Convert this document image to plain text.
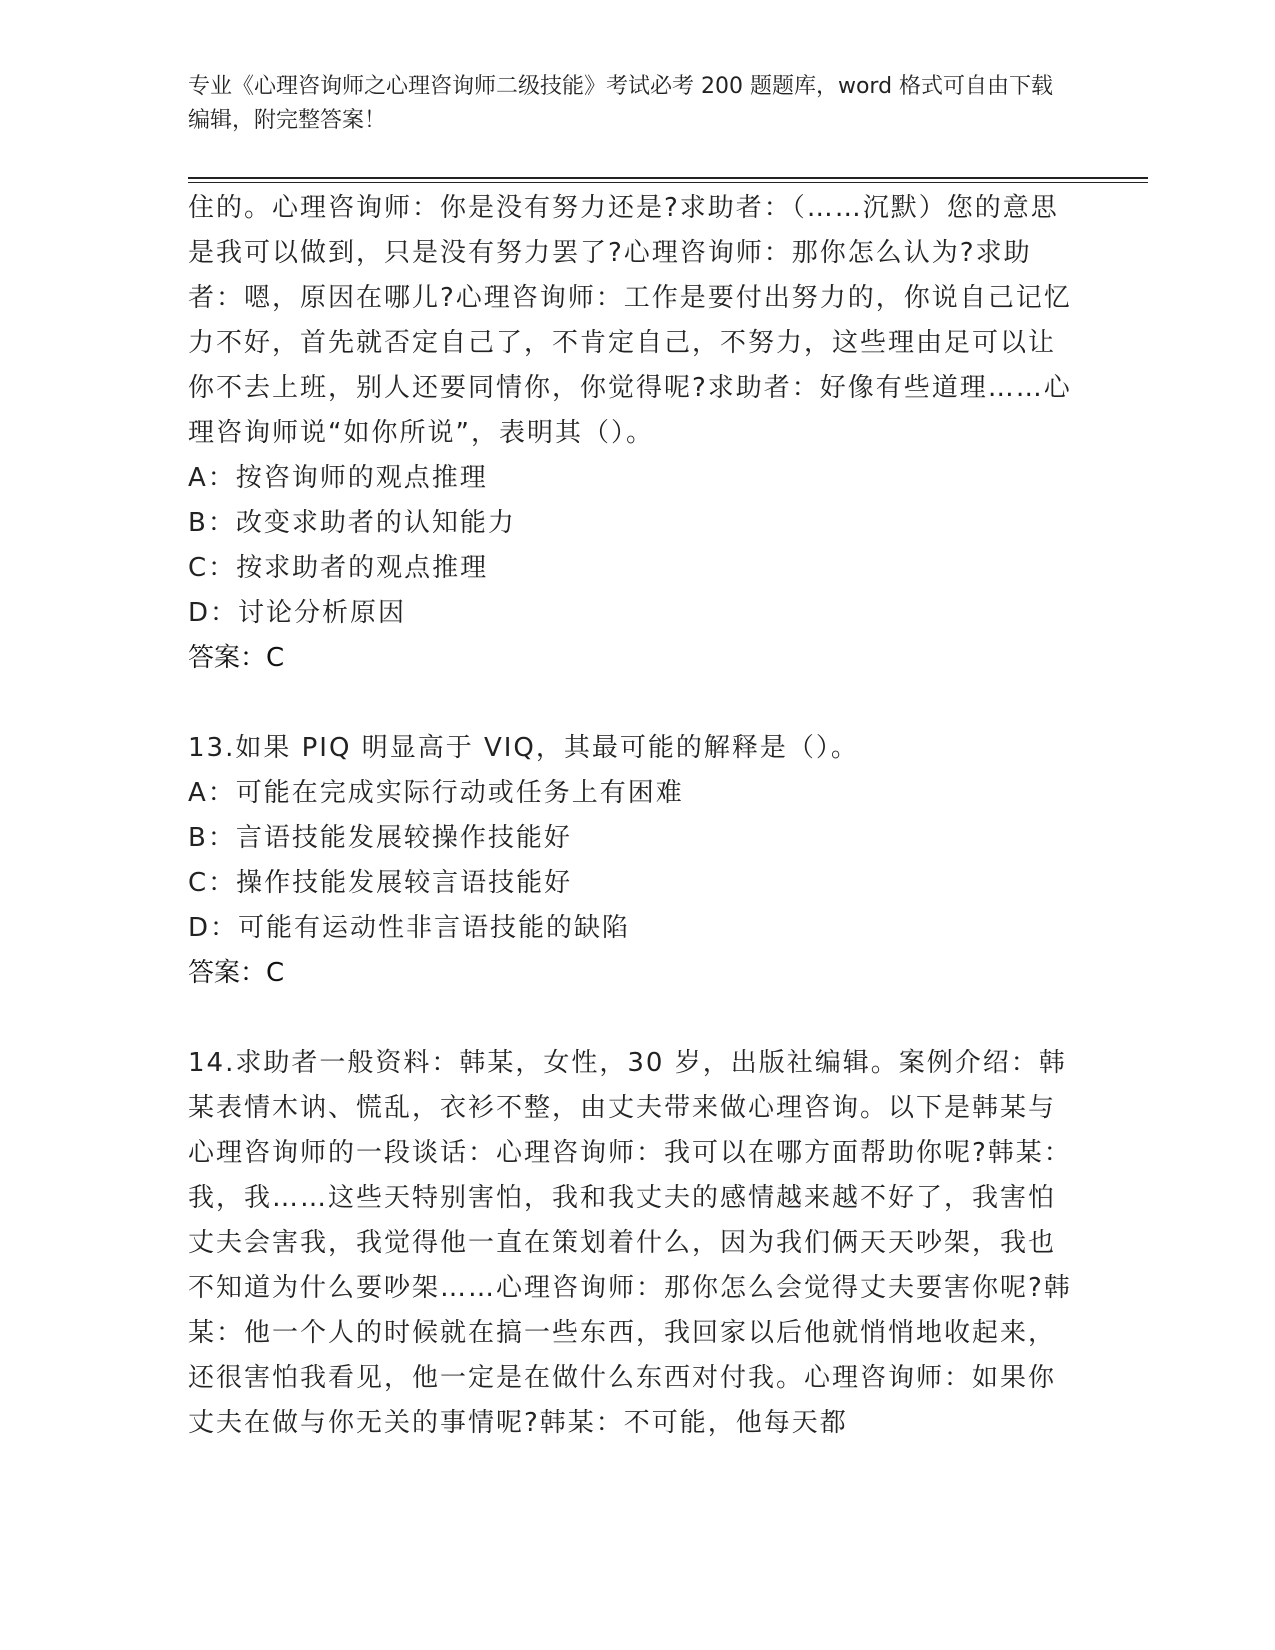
专业《心理咨询师之心理咨询师二级技能》考试必考 200 题题库，word 格式可自由下载编辑，附完整答案！

住的。心理咨询师：你是没有努力还是?求助者：（……沉默）您的意思是我可以做到，只是没有努力罢了?心理咨询师：那你怎么认为?求助者：嗯，原因在哪儿?心理咨询师：工作是要付出努力的，你说自己记忆力不好，首先就否定自己了，不肯定自己，不努力，这些理由足可以让你不去上班，别人还要同情你，你觉得呢?求助者：好像有些道理……心理咨询师说“如你所说”，表明其（）。

A：按咨询师的观点推理

B：改变求助者的认知能力

C：按求助者的观点推理

D：讨论分析原因

答案：C

13.如果 PIQ 明显高于 VIQ，其最可能的解释是（）。

A：可能在完成实际行动或任务上有困难

B：言语技能发展较操作技能好

C：操作技能发展较言语技能好

D：可能有运动性非言语技能的缺陷

答案：C

14.求助者一般资料：韩某，女性，30 岁，出版社编辑。案例介绍：韩某表情木讷、慌乱，衣衫不整，由丈夫带来做心理咨询。以下是韩某与心理咨询师的一段谈话：心理咨询师：我可以在哪方面帮助你呢?韩某：我，我……这些天特别害怕，我和我丈夫的感情越来越不好了，我害怕丈夫会害我，我觉得他一直在策划着什么，因为我们俩天天吵架，我也不知道为什么要吵架……心理咨询师：那你怎么会觉得丈夫要害你呢?韩某：他一个人的时候就在搞一些东西，我回家以后他就悄悄地收起来，还很害怕我看见，他一定是在做什么东西对付我。心理咨询师：如果你丈夫在做与你无关的事情呢?韩某：不可能，他每天都
